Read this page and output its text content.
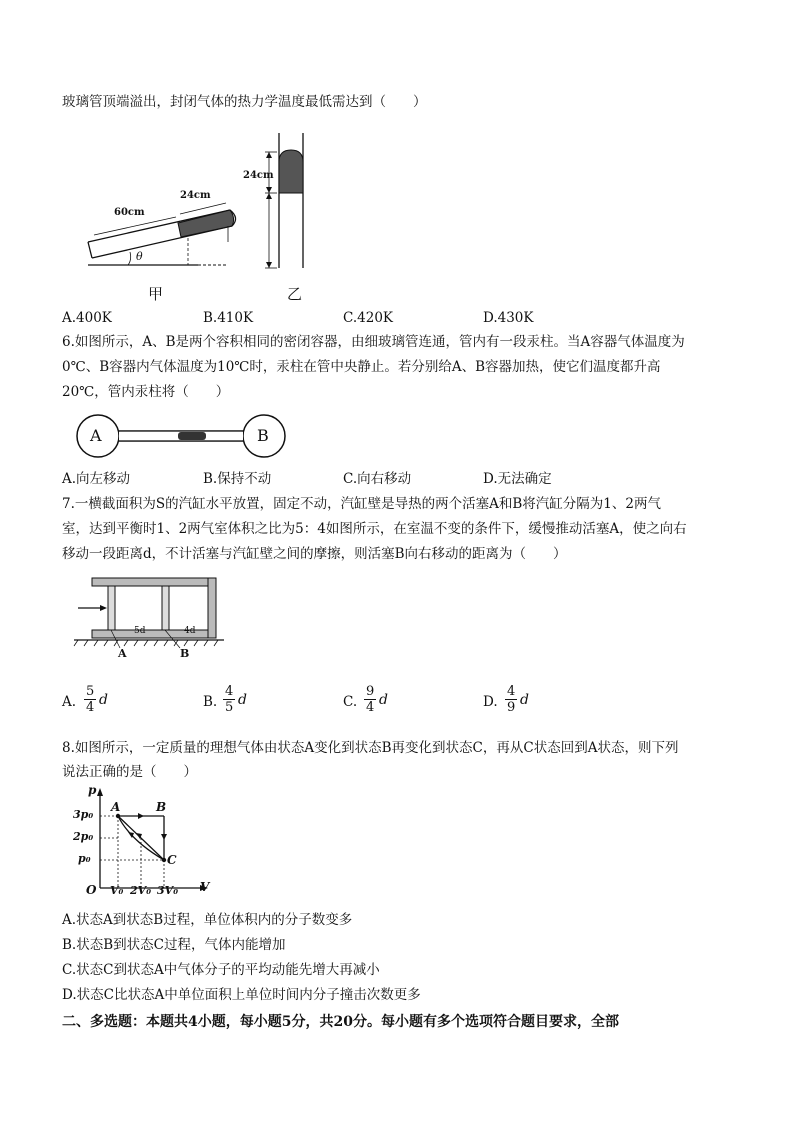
玻璃管顶端溢出，封闭气体的热力学温度最低需达到（　　）
60cm
24cm
θ
甲
24cm
乙
A.400K	B.410K	C.420K	D.430K
6.如图所示，A、B是两个容积相同的密闭容器，由细玻璃管连通，管内有一段汞柱。当A容器气体温度为
0℃、B容器内气体温度为10℃时，汞柱在管中央静止。若分别给A、B容器加热，使它们温度都升高
20℃，管内汞柱将（　　）
A	B
A.向左移动	B.保持不动	C.向右移动	D.无法确定
7.一横截面积为S的汽缸水平放置，固定不动，汽缸壁是导热的两个活塞A和B将汽缸分隔为1、2两气
室，达到平衡时1、2两气室体积之比为5：4如图所示，在室温不变的条件下，缓慢推动活塞A，使之向右
移动一段距离d，不计活塞与汽缸壁之间的摩擦，则活塞B向右移动的距离为（　　）
5d	4d
A	B
A. $\frac{5}{4}$ d	B. $\frac{4}{5}$ d	C. $\frac{9}{4}$ d	D. $\frac{4}{9}$ d
8.如图所示，一定质量的理想气体由状态A变化到状态B再变化到状态C，再从C状态回到A状态，则下列
说法正确的是（　　）
p
V
O
3p₀
2p₀
p₀
V₀ 2V₀ 3V₀
A	B
C
A.状态A到状态B过程，单位体积内的分子数变多
B.状态B到状态C过程，气体内能增加
C.状态C到状态A中气体分子的平均动能先增大再减小
D.状态C比状态A中单位面积上单位时间内分子撞击次数更多
二、多选题：本题共4小题，每小题5分，共20分。每小题有多个选项符合题目要求，全部
